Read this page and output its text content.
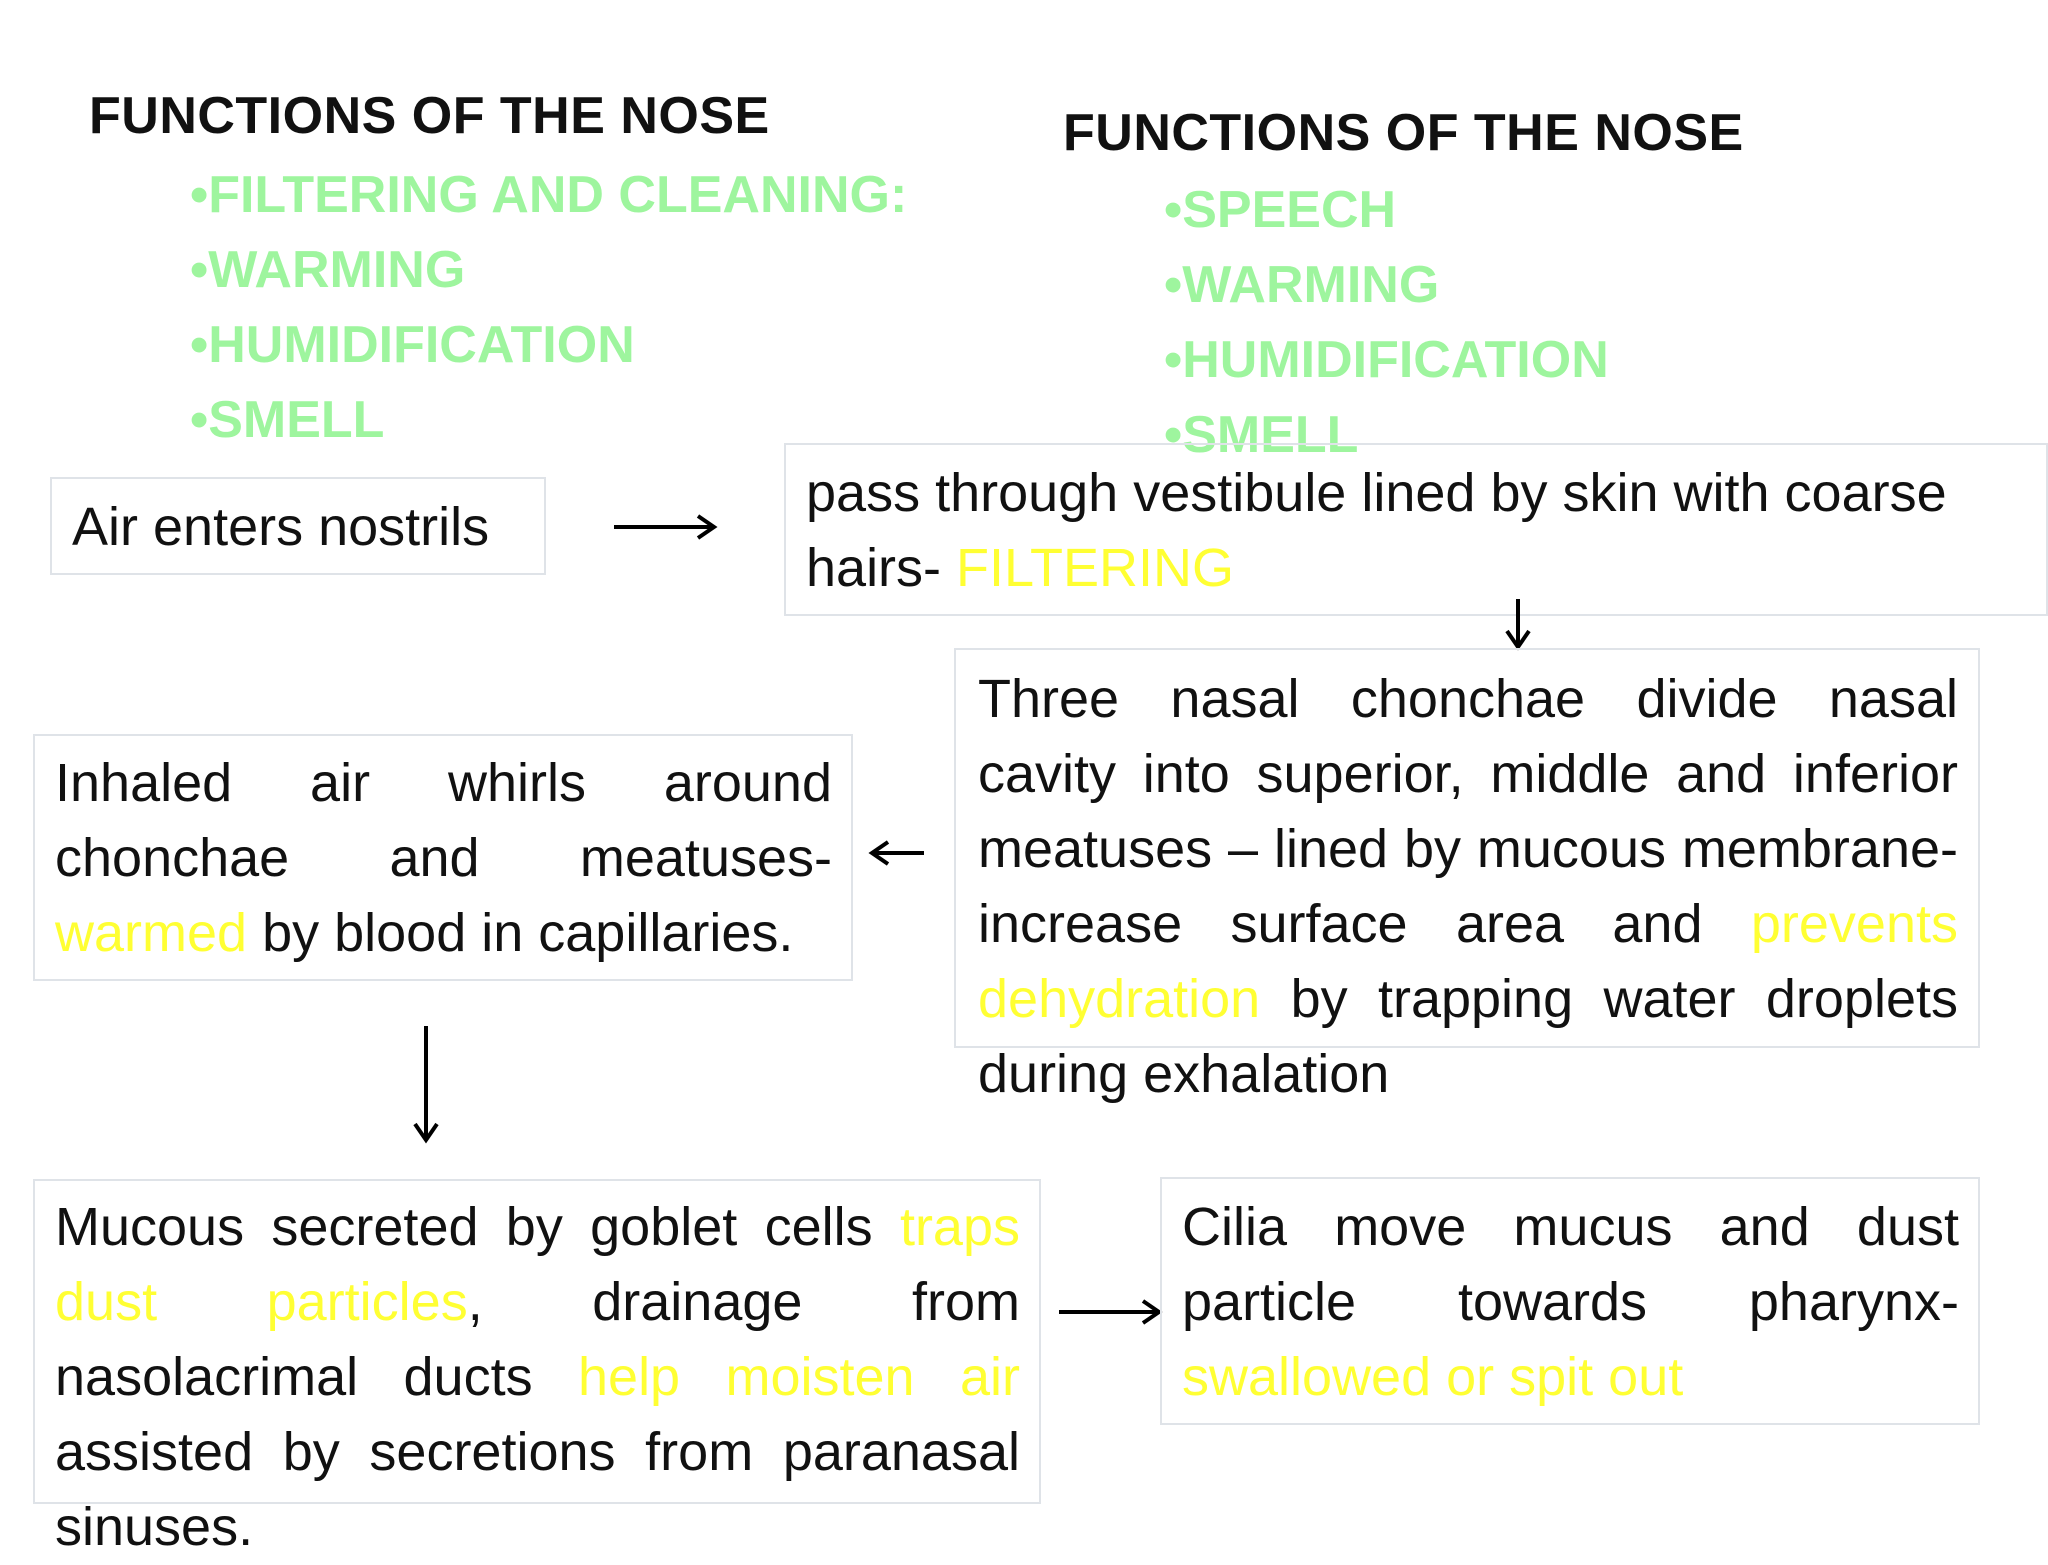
FUNCTIONS OF THE NOSE
• FILTERING AND CLEANING:
• WARMING
• HUMIDIFICATION
• SMELL
FUNCTIONS OF THE NOSE
• SPEECH
• WARMING
• HUMIDIFICATION
• SMELL
Air enters nostrils
pass through vestibule lined by skin with coarse hairs- FILTERING
Three nasal chonchae divide nasal cavity into superior, middle and inferior meatuses – lined by mucous membrane-increase surface area and prevents dehydration by trapping water droplets during exhalation
Inhaled air whirls around chonchae and meatuses- warmed by blood in capillaries.
Mucous secreted by goblet cells traps dust particles, drainage from nasolacrimal ducts help moisten air assisted by secretions from paranasal sinuses.
Cilia move mucus and dust particle towards pharynx- swallowed or spit out
